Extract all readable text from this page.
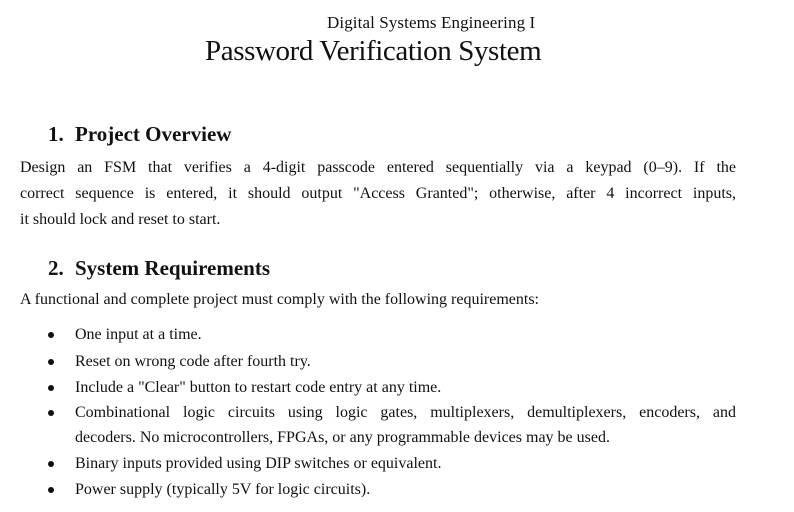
Digital Systems Engineering I
Password Verification System
1. Project Overview
Design an FSM that verifies a 4-digit passcode entered sequentially via a keypad (0–9). If the
correct sequence is entered, it should output "Access Granted"; otherwise, after 4 incorrect inputs,
it should lock and reset to start.
2. System Requirements
A functional and complete project must comply with the following requirements:
One input at a time.
Reset on wrong code after fourth try.
Include a "Clear" button to restart code entry at any time.
Combinational logic circuits using logic gates, multiplexers, demultiplexers, encoders, and
decoders. No microcontrollers, FPGAs, or any programmable devices may be used.
Binary inputs provided using DIP switches or equivalent.
Power supply (typically 5V for logic circuits).
